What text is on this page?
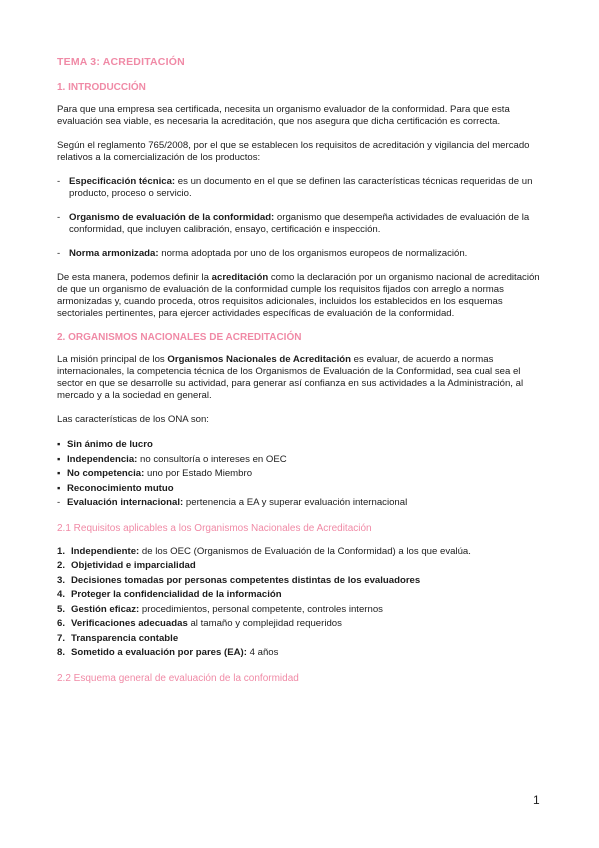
TEMA 3: ACREDITACIÓN
1. INTRODUCCIÓN

Para que una empresa sea certificada, necesita un organismo evaluador de la conformidad. Para que esta evaluación sea viable, es necesaria la acreditación, que nos asegura que dicha certificación es correcta.

Según el reglamento 765/2008, por el que se establecen los requisitos de acreditación y vigilancia del mercado relativos a la comercialización de los productos:

- Especificación técnica: es un documento en el que se definen las características técnicas requeridas de un producto, proceso o servicio.
- Organismo de evaluación de la conformidad: organismo que desempeña actividades de evaluación de la conformidad, que incluyen calibración, ensayo, certificación e inspección.
- Norma armonizada: norma adoptada por uno de los organismos europeos de normalización.

De esta manera, podemos definir la acreditación como la declaración por un organismo nacional de acreditación de que un organismo de evaluación de la conformidad cumple los requisitos fijados con arreglo a normas armonizadas y, cuando proceda, otros requisitos adicionales, incluidos los establecidos en los esquemas sectoriales pertinentes, para ejercer actividades específicas de evaluación de la conformidad.

2. ORGANISMOS NACIONALES DE ACREDITACIÓN

La misión principal de los Organismos Nacionales de Acreditación es evaluar, de acuerdo a normas internacionales, la competencia técnica de los Organismos de Evaluación de la Conformidad, sea cual sea el sector en que se desarrolle su actividad, para generar así confianza en sus actividades a la Administración, al mercado y a la sociedad en general.

Las características de los ONA son:

▪ Sin ánimo de lucro
▪ Independencia: no consultoría o intereses en OEC
▪ No competencia: uno por Estado Miembro
▪ Reconocimiento mutuo
- Evaluación internacional: pertenencia a EA y superar evaluación internacional
2.1 Requisitos aplicables a los Organismos Nacionales de Acreditación
1. Independiente: de los OEC (Organismos de Evaluación de la Conformidad) a los que evalúa.
2. Objetividad e imparcialidad
3. Decisiones tomadas por personas competentes distintas de los evaluadores
4. Proteger la confidencialidad de la información
5. Gestión eficaz: procedimientos, personal competente, controles internos
6. Verificaciones adecuadas al tamaño y complejidad requeridos
7. Transparencia contable
8. Sometido a evaluación por pares (EA): 4 años
2.2 Esquema general de evaluación de la conformidad
1
